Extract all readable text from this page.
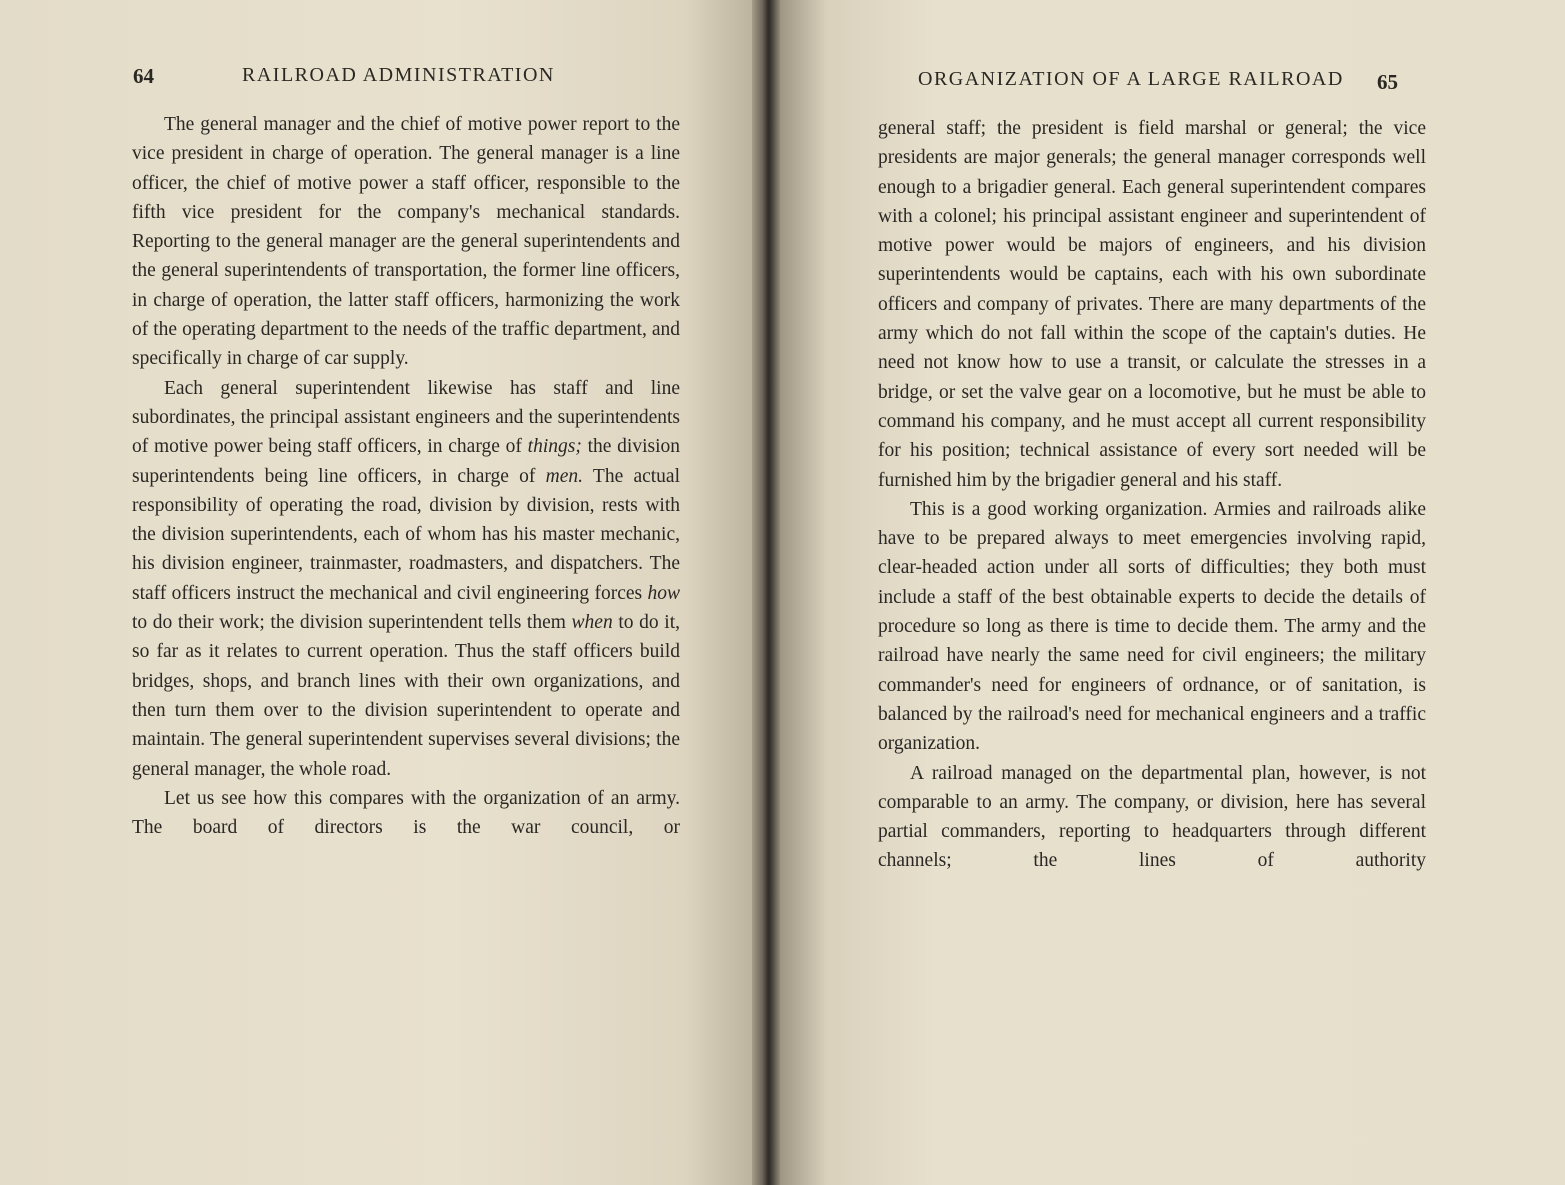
64	RAILROAD ADMINISTRATION

The general manager and the chief of motive power report to the vice president in charge of operation. The general manager is a line officer, the chief of motive power a staff officer, responsible to the fifth vice president for the company's mechanical standards. Reporting to the general manager are the general superintendents and the general superintendents of transportation, the former line officers, in charge of operation, the latter staff officers, harmonizing the work of the operating department to the needs of the traffic department, and specifically in charge of car supply.

Each general superintendent likewise has staff and line subordinates, the principal assistant engineers and the superintendents of motive power being staff officers, in charge of things; the division superintendents being line officers, in charge of men. The actual responsibility of operating the road, division by division, rests with the division superintendents, each of whom has his master mechanic, his division engineer, trainmaster, roadmasters, and dispatchers. The staff officers instruct the mechanical and civil engineering forces how to do their work; the division superintendent tells them when to do it, so far as it relates to current operation. Thus the staff officers build bridges, shops, and branch lines with their own organizations, and then turn them over to the division superintendent to operate and maintain. The general superintendent supervises several divisions; the general manager, the whole road.

Let us see how this compares with the organization of an army. The board of directors is the war council, or

ORGANIZATION OF A LARGE RAILROAD 65

general staff; the president is field marshal or general; the vice presidents are major generals; the general manager corresponds well enough to a brigadier general. Each general superintendent compares with a colonel; his principal assistant engineer and superintendent of motive power would be majors of engineers, and his division superintendents would be captains, each with his own subordinate officers and company of privates. There are many departments of the army which do not fall within the scope of the captain's duties. He need not know how to use a transit, or calculate the stresses in a bridge, or set the valve gear on a locomotive, but he must be able to command his company, and he must accept all current responsibility for his position; technical assistance of every sort needed will be furnished him by the brigadier general and his staff.

This is a good working organization. Armies and railroads alike have to be prepared always to meet emergencies involving rapid, clear-headed action under all sorts of difficulties; they both must include a staff of the best obtainable experts to decide the details of procedure so long as there is time to decide them. The army and the railroad have nearly the same need for civil engineers; the military commander's need for engineers of ordnance, or of sanitation, is balanced by the railroad's need for mechanical engineers and a traffic organization.

A railroad managed on the departmental plan, however, is not comparable to an army. The company, or division, here has several partial commanders, reporting to headquarters through different channels; the lines of authority
